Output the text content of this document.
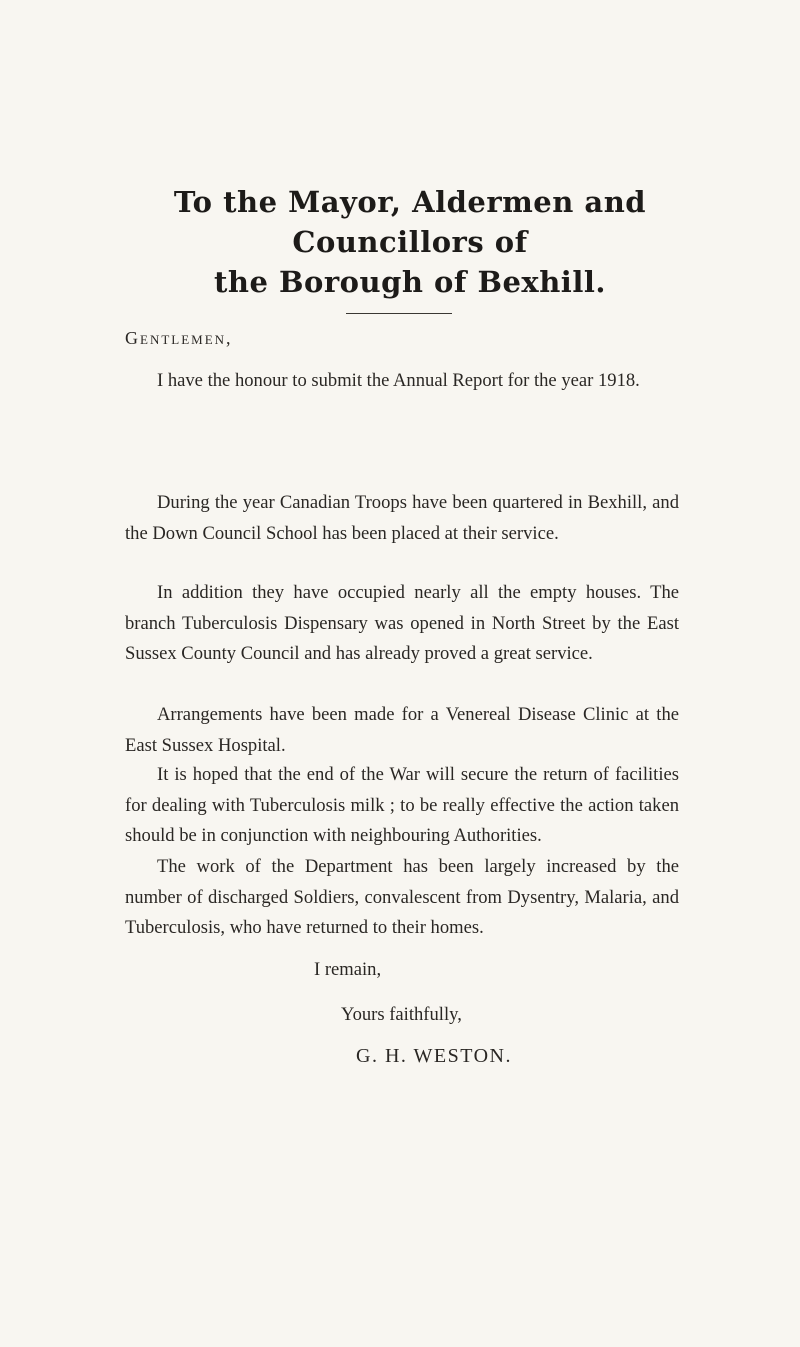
To the Mayor, Aldermen and Councillors of
the Borough of Bexhill.
Gentlemen,

I have the honour to submit the Annual Report for the year 1918.

During the year Canadian Troops have been quartered in Bexhill, and the Down Council School has been placed at their service.

In addition they have occupied nearly all the empty houses. The branch Tuberculosis Dispensary was opened in North Street by the East Sussex County Council and has already proved a great service.

Arrangements have been made for a Venereal Disease Clinic at the East Sussex Hospital.

It is hoped that the end of the War will secure the return of facilities for dealing with Tuberculosis milk ; to be really effective the action taken should be in conjunction with neighbouring Authorities.

The work of the Department has been largely increased by the number of discharged Soldiers, convalescent from Dysentry, Malaria, and Tuberculosis, who have returned to their homes.

I remain,
Yours faithfully,
G. H. WESTON.
